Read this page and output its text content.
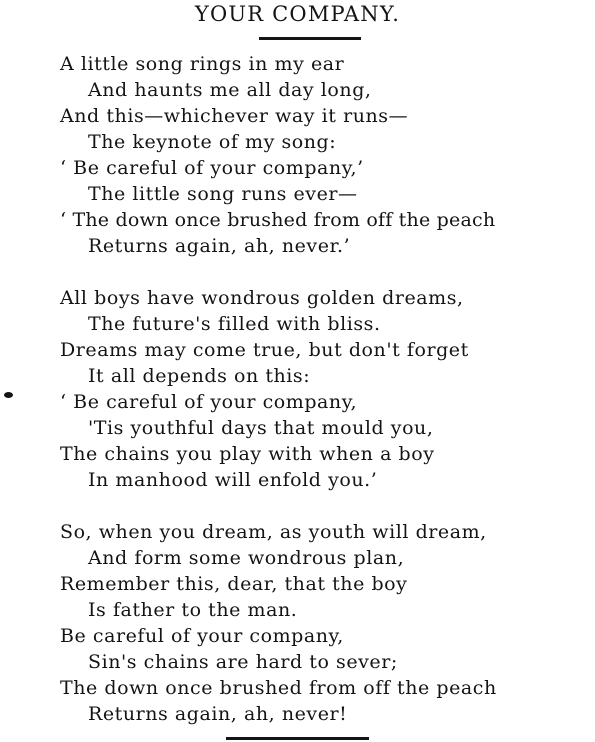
YOUR COMPANY.
A little song rings in my ear
And haunts me all day long,
And this—whichever way it runs—
The keynote of my song:
‘ Be careful of your company,’
The little song runs ever—
‘ The down once brushed from off the peach
Returns again, ah, never.’
All boys have wondrous golden dreams,
The future's filled with bliss.
Dreams may come true, but don't forget
It all depends on this:
‘ Be careful of your company,
'Tis youthful days that mould you,
The chains you play with when a boy
In manhood will enfold you.’
So, when you dream, as youth will dream,
And form some wondrous plan,
Remember this, dear, that the boy
Is father to the man.
Be careful of your company,
Sin's chains are hard to sever;
The down once brushed from off the peach
Returns again, ah, never!
